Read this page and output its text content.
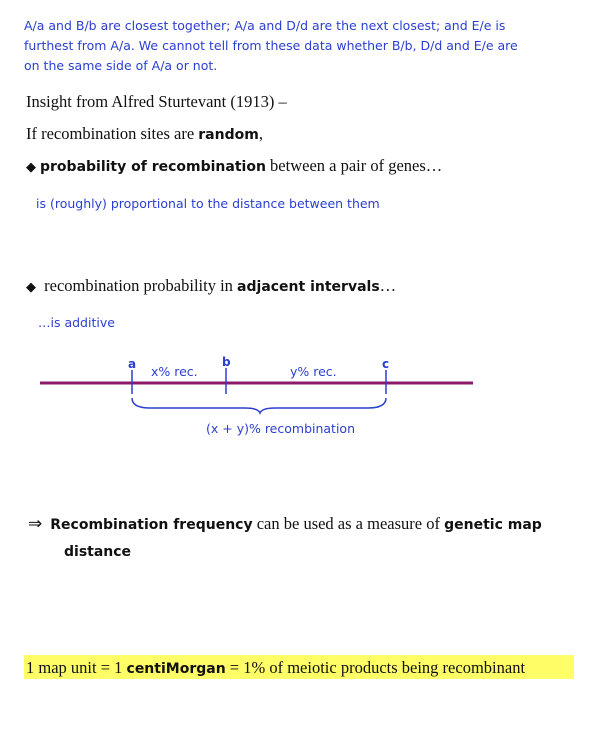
A/a and B/b are closest together; A/a and D/d are the next closest; and E/e is
furthest from A/a. We cannot tell from these data whether B/b, D/d and E/e are
on the same side of A/a or not.
Insight from Alfred Sturtevant (1913) –
If recombination sites are random,
◆ probability of recombination between a pair of genes…
is (roughly) proportional to the distance between them
◆ recombination probability in adjacent intervals…
…is additive
a	b	c
x% rec.	y% rec.
(x + y)% recombination
⇒ Recombination frequency can be used as a measure of genetic map
distance
1 map unit = 1 centiMorgan = 1% of meiotic products being recombinant
